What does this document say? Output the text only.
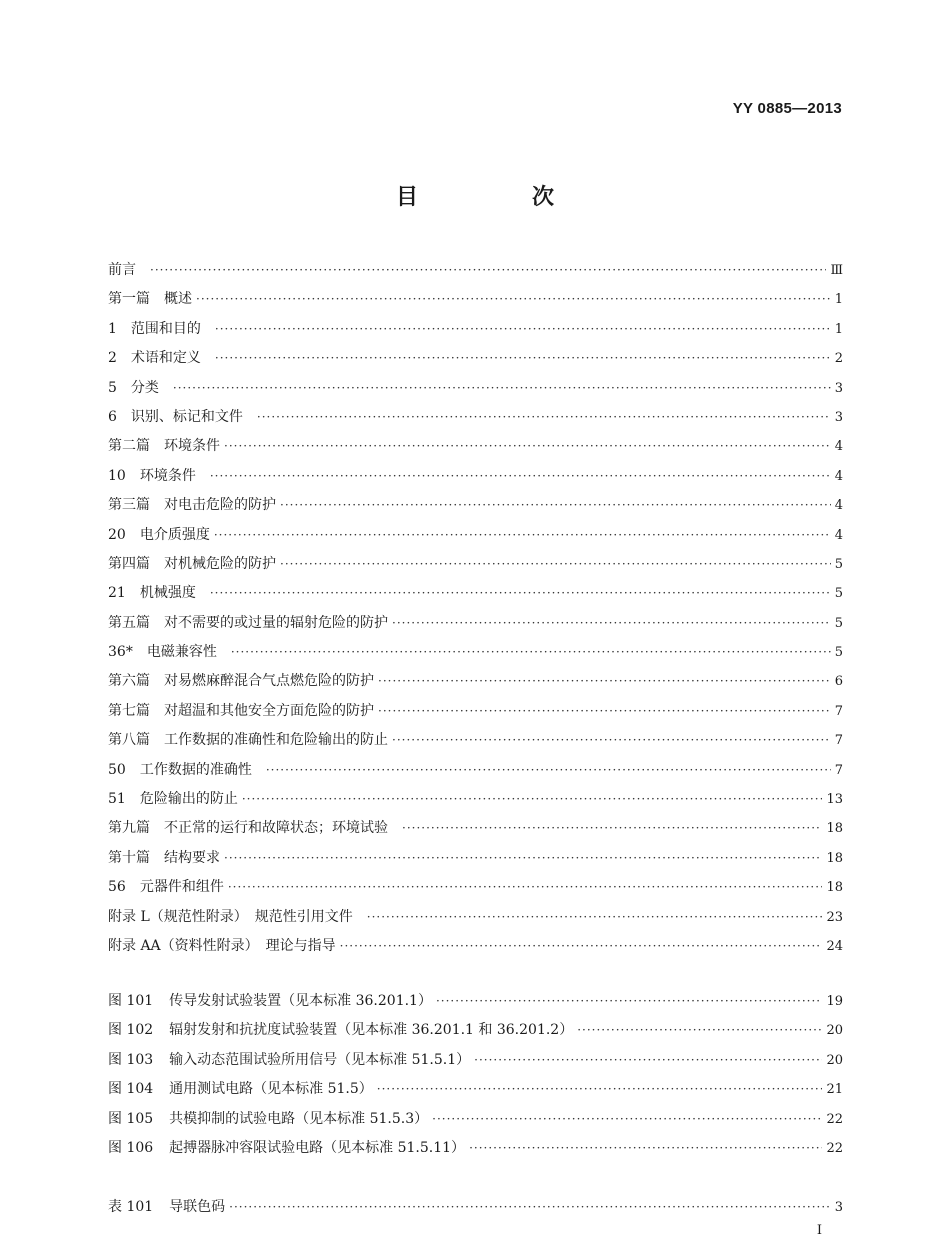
YY 0885—2013
目　次
前言 ·····	Ⅲ
第一篇　概述 ·····	1
1 范围和目的 ·····	1
2 术语和定义 ·····	2
5 分类 ·····	3
6 识别、标记和文件 ·····	3
第二篇　环境条件 ·····	4
10 环境条件 ·····	4
第三篇　对电击危险的防护 ·····	4
20 电介质强度 ·····	4
第四篇　对机械危险的防护 ·····	5
21 机械强度 ·····	5
第五篇　对不需要的或过量的辐射危险的防护 ·····	5
36* 电磁兼容性 ·····	5
第六篇　对易燃麻醉混合气点燃危险的防护 ·····	6
第七篇　对超温和其他安全方面危险的防护 ·····	7
第八篇　工作数据的准确性和危险输出的防止 ·····	7
50 工作数据的准确性 ·····	7
51 危险输出的防止 ·····	13
第九篇　不正常的运行和故障状态；环境试验 ·····	18
第十篇　结构要求 ·····	18
56 元器件和组件 ·····	18
附录 L（规范性附录）　规范性引用文件 ·····	23
附录 AA（资料性附录）　理论与指导 ·····	24
图 101 传导发射试验装置（见本标准 36.201.1） ·····	19
图 102 辐射发射和抗扰度试验装置（见本标准 36.201.1 和 36.201.2） ·····	20
图 103 输入动态范围试验所用信号（见本标准 51.5.1） ·····	20
图 104 通用测试电路（见本标准 51.5） ·····	21
图 105 共模抑制的试验电路（见本标准 51.5.3） ·····	22
图 106 起搏器脉冲容限试验电路（见本标准 51.5.11） ·····	22
表 101 导联色码 ·····	3
Ⅰ
